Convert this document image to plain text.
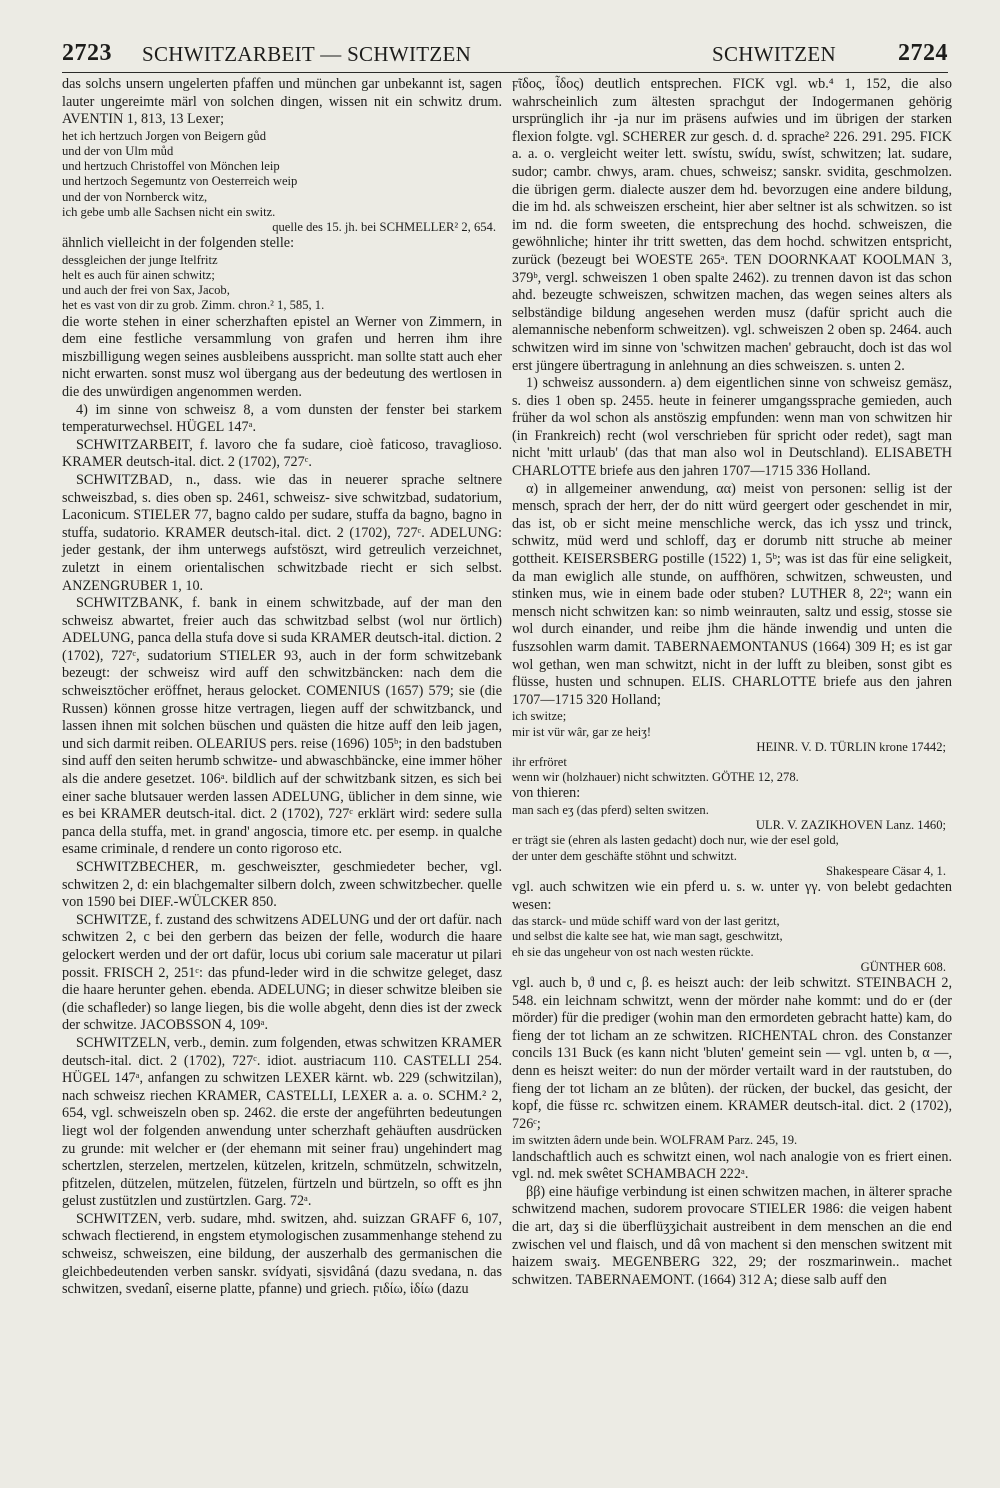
2723 SCHWITZARBEIT — SCHWITZEN	SCHWITZEN	2724

das solchs unsern ungelerten pfaffen und münchen gar unbekannt ist, sagen lauter ungereimte märl von solchen dingen, wissen nit ein schwitz drum. AVENTIN 1, 813, 13 Lexer;

het ich hertzuch Jorgen von Beigern gůd
und der von Ulm můd
und hertzuch Christoffel von Mönchen leip
und hertzoch Segemuntz von Oesterreich weip
und der von Nornberck witz,
ich gebe umb alle Sachsen nicht ein switz.

quelle des 15. jh. bei SCHMELLER² 2, 654.

ähnlich vielleicht in der folgenden stelle:

dessgleichen der junge Itelfritz
helt es auch für ainen schwitz;
und auch der frei von Sax, Jacob,
het es vast von dir zu grob. Zimm. chron.² 1, 585, 1.

die worte stehen in einer scherzhaften epistel an Werner von Zimmern, in dem eine festliche versammlung von grafen und herren ihm ihre miszbilligung wegen seines ausbleibens ausspricht. man sollte statt auch eher nicht erwarten. sonst musz wol übergang aus der bedeutung des wertlosen in die des unwürdigen angenommen werden.

4) im sinne von schweisz 8, a vom dunsten der fenster bei starkem temperaturwechsel. HÜGEL 147ᵃ.

SCHWITZARBEIT, f. lavoro che fa sudare, cioè faticoso, travaglioso. KRAMER deutsch-ital. dict. 2 (1702), 727ᶜ.

SCHWITZBAD, n., dass. wie das in neuerer sprache seltnere schweiszbad, s. dies oben sp. 2461, schweisz- sive schwitzbad, sudatorium, Laconicum. STIELER 77, bagno caldo per sudare, stuffa da bagno, bagno in stuffa, sudatorio. KRAMER deutsch-ital. dict. 2 (1702), 727ᶜ. ADELUNG: jeder gestank, der ihm unterwegs aufstöszt, wird getreulich verzeichnet, zuletzt in einem orientalischen schwitzbade riecht er sich selbst. ANZENGRUBER 1, 10.

SCHWITZBANK, f. bank in einem schwitzbade, auf der man den schweisz abwartet, freier auch das schwitzbad selbst (wol nur örtlich) ADELUNG, panca della stufa dove si suda KRAMER deutsch-ital. diction. 2 (1702), 727ᶜ, sudatorium STIELER 93, auch in der form schwitzebank bezeugt: der schweisz wird auff den schwitzbäncken: nach dem die schweisztöcher eröffnet, heraus gelocket. COMENIUS (1657) 579; sie (die Russen) können grosse hitze vertragen, liegen auff der schwitzbanck, und lassen ihnen mit solchen büschen und quästen die hitze auff den leib jagen, und sich darmit reiben. OLEARIUS pers. reise (1696) 105ᵇ; in den badstuben sind auff den seiten herumb schwitze- und abwaschbäncke, eine immer höher als die andere gesetzet. 106ᵃ. bildlich auf der schwitzbank sitzen, es sich bei einer sache blutsauer werden lassen ADELUNG, üblicher in dem sinne, wie es bei KRAMER deutsch-ital. dict. 2 (1702), 727ᶜ erklärt wird: sedere sulla panca della stuffa, met. in grand' angoscia, timore etc. per esemp. in qualche esame criminale, d rendere un conto rigoroso etc.

SCHWITZBECHER, m. geschweiszter, geschmiedeter becher, vgl. schwitzen 2, d: ein blachgemalter silbern dolch, zween schwitzbecher. quelle von 1590 bei DIEF.-WÜLCKER 850.

SCHWITZE, f. zustand des schwitzens ADELUNG und der ort dafür. nach schwitzen 2, c bei den gerbern das beizen der felle, wodurch die haare gelockert werden und der ort dafür, locus ubi corium sale maceratur ut pilari possit. FRISCH 2, 251ᶜ: das pfund-leder wird in die schwitze geleget, dasz die haare herunter gehen. ebenda. ADELUNG; in dieser schwitze bleiben sie (die schafleder) so lange liegen, bis die wolle abgeht, denn dies ist der zweck der schwitze. JACOBSSON 4, 109ᵃ.

SCHWITZELN, verb., demin. zum folgenden, etwas schwitzen KRAMER deutsch-ital. dict. 2 (1702), 727ᶜ. idiot. austriacum 110. CASTELLI 254. HÜGEL 147ᵃ, anfangen zu schwitzen LEXER kärnt. wb. 229 (schwitzilan), nach schweisz riechen KRAMER, CASTELLI, LEXER a. a. o. SCHM.² 2, 654, vgl. schweiszeln oben sp. 2462. die erste der angeführten bedeutungen liegt wol der folgenden anwendung unter scherzhaft gehäuften ausdrücken zu grunde: mit welcher er (der ehemann mit seiner frau) ungehindert mag schertzlen, sterzelen, mertzelen, kützelen, kritzeln, schmützeln, schwitzeln, pfitzelen, dützelen, mützelen, fützelen, fürtzeln und bürtzeln, so offt es jhn gelust zustützlen und zustürtzlen. Garg. 72ᵃ.

SCHWITZEN, verb. sudare, mhd. switzen, ahd. suizzan GRAFF 6, 107, schwach flectierend, in engstem etymologischen zusammenhange stehend zu schweisz, schweiszen, eine bildung, der auszerhalb des germanischen die gleichbedeutenden verben sanskr. svídyati, sịsvidâná (dazu svedana, n. das schwitzen, svedanî, eiserne platte, pfanne) und griech. ϝιδίω, ἰδίω (dazu

ϝῖδος, ἶδος) deutlich entsprechen. FICK vgl. wb.⁴ 1, 152, die also wahrscheinlich zum ältesten sprachgut der Indogermanen gehörig ursprünglich ihr -ja nur im präsens aufwies und im übrigen der starken flexion folgte. vgl. SCHERER zur gesch. d. d. sprache² 226. 291. 295. FICK a. a. o. vergleicht weiter lett. swístu, swídu, swíst, schwitzen; lat. sudare, sudor; cambr. chwys, aram. chues, schweisz; sanskr. svidita, geschmolzen. die übrigen germ. dialecte auszer dem hd. bevorzugen eine andere bildung, die im hd. als schweiszen erscheint, hier aber seltner ist als schwitzen. so ist im nd. die form sweeten, die entsprechung des hochd. schweiszen, die gewöhnliche; hinter ihr tritt swetten, das dem hochd. schwitzen entspricht, zurück (bezeugt bei WOESTE 265ᵃ. TEN DOORNKAAT KOOLMAN 3, 379ᵇ, vergl. schweiszen 1 oben spalte 2462). zu trennen davon ist das schon ahd. bezeugte schweiszen, schwitzen machen, das wegen seines alters als selbständige bildung angesehen werden musz (dafür spricht auch die alemannische nebenform schweitzen). vgl. schweiszen 2 oben sp. 2464. auch schwitzen wird im sinne von 'schwitzen machen' gebraucht, doch ist das wol erst jüngere übertragung in anlehnung an dies schweiszen. s. unten 2.

1) schweisz aussondern. a) dem eigentlichen sinne von schweisz gemäsz, s. dies 1 oben sp. 2455. heute in feinerer umgangssprache gemieden, auch früher da wol schon als anstöszig empfunden: wenn man von schwitzen hir (in Frankreich) recht (wol verschrieben für spricht oder redet), sagt man nicht 'mitt urlaub' (das that man also wol in Deutschland). ELISABETH CHARLOTTE briefe aus den jahren 1707—1715 336 Holland.

α) in allgemeiner anwendung, αα) meist von personen: sellig ist der mensch, sprach der herr, der do nitt würd geergert oder geschendet in mir, das ist, ob er sicht meine menschliche werck, das ich yssz und trinck, schwitz, müd werd und schloff, daʒ er dorumb nitt struche ab meiner gottheit. KEISERSBERG postille (1522) 1, 5ᵇ; was ist das für eine seligkeit, da man ewiglich alle stunde, on auffhören, schwitzen, schweusten, und stinken mus, wie in einem bade oder stuben? LUTHER 8, 22ᵃ; wann ein mensch nicht schwitzen kan: so nimb weinrauten, saltz und essig, stosse sie wol durch einander, und reibe jhm die hände inwendig und unten die fuszsohlen warm damit. TABERNAEMONTANUS (1664) 309 H; es ist gar wol gethan, wen man schwitzt, nicht in der lufft zu bleiben, sonst gibt es flüsse, husten und schnupen. ELIS. CHARLOTTE briefe aus den jahren 1707—1715 320 Holland;

ich switze;
mir ist vür wâr, gar ze heiʒ!

HEINR. V. D. TÜRLIN krone 17442;

ihr erfröret
wenn wir (holzhauer) nicht schwitzten. GÖTHE 12, 278.

von thieren:

man sach eʒ (das pferd) selten switzen.

ULR. V. ZAZIKHOVEN Lanz. 1460;

er trägt sie (ehren als lasten gedacht) doch nur, wie der esel gold,
der unter dem geschäfte stöhnt und schwitzt.

Shakespeare Cäsar 4, 1.

vgl. auch schwitzen wie ein pferd u. s. w. unter γγ. von belebt gedachten wesen:

das starck- und müde schiff ward von der last geritzt,
und selbst die kalte see hat, wie man sagt, geschwitzt,
eh sie das ungeheur von ost nach westen rückte.

GÜNTHER 608.

vgl. auch b, ϑ und c, β. es heiszt auch: der leib schwitzt. STEINBACH 2, 548. ein leichnam schwitzt, wenn der mörder nahe kommt: und do er (der mörder) für die prediger (wohin man den ermordeten gebracht hatte) kam, do fieng der tot licham an ze schwitzen. RICHENTAL chron. des Constanzer concils 131 Buck (es kann nicht 'bluten' gemeint sein — vgl. unten b, α —, denn es heiszt weiter: do nun der mörder vertailt ward in der rautstuben, do fieng der tot licham an ze blůten). der rücken, der buckel, das gesicht, der kopf, die füsse rc. schwitzen einem. KRAMER deutsch-ital. dict. 2 (1702), 726ᶜ;

im switzten âdern unde bein. WOLFRAM Parz. 245, 19.

landschaftlich auch es schwitzt einen, wol nach analogie von es friert einen. vgl. nd. mek swêtet SCHAMBACH 222ᵃ.

ββ) eine häufige verbindung ist einen schwitzen machen, in älterer sprache schwitzend machen, sudorem provocare STIELER 1986: die veigen habent die art, daʒ si die überflüʒʒichait austreibent in dem menschen an die end zwischen vel und flaisch, und dâ von machent si den menschen switzent mit haizem swaiʒ. MEGENBERG 322, 29; der roszmarinwein.. machet schwitzen. TABERNAEMONT. (1664) 312 A; diese salb auff den
